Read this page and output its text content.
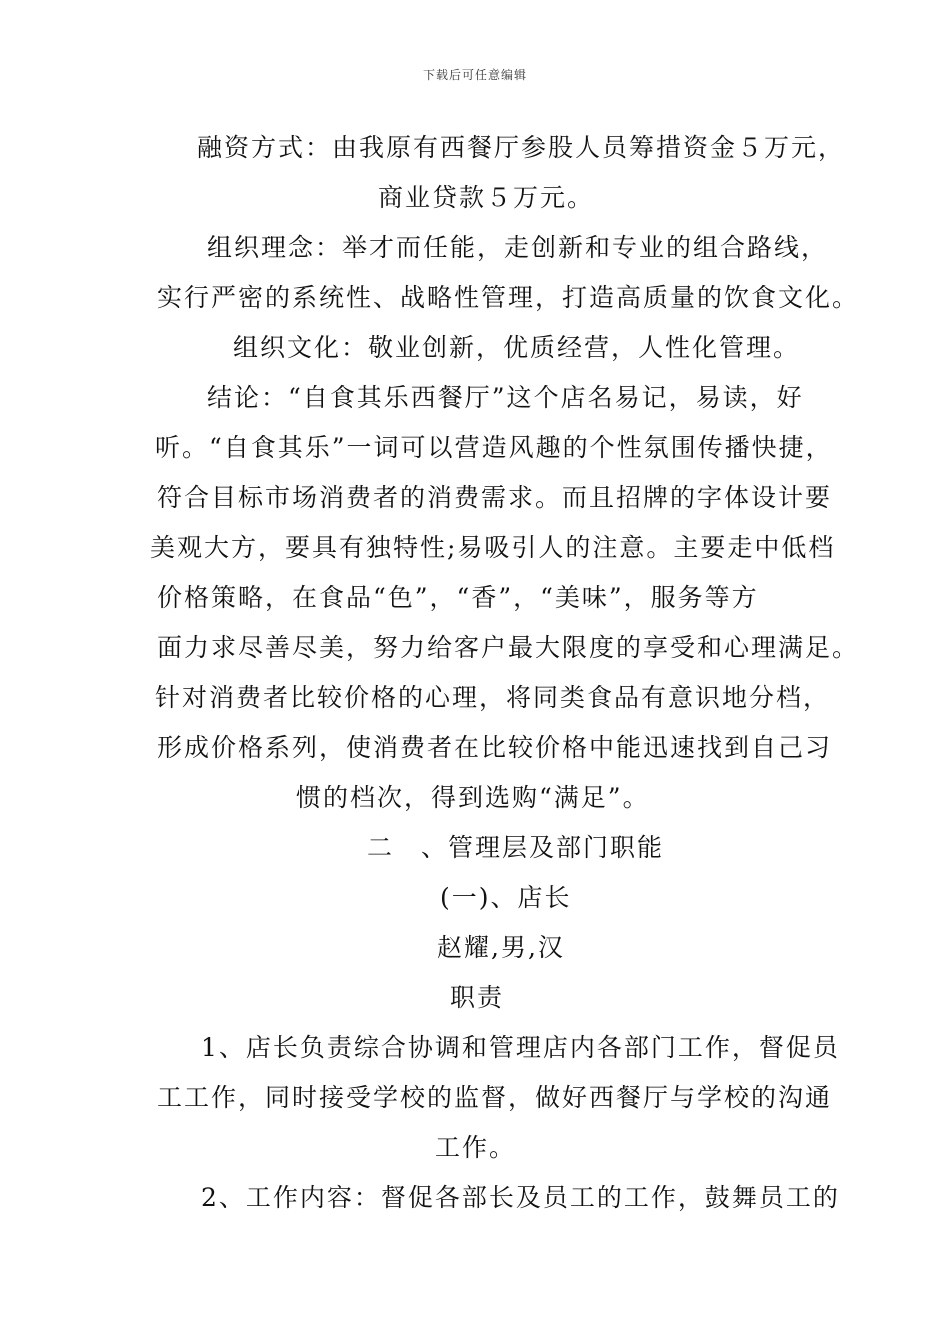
下载后可任意编辑
融资方式：由我原有西餐厅参股人员筹措资金５万元，
商业贷款５万元。
组织理念：举才而任能，走创新和专业的组合路线，
实行严密的系统性、战略性管理，打造高质量的饮食文化。
组织文化：敬业创新，优质经营，人性化管理。
结论：“自食其乐西餐厅”这个店名易记，易读，好
听。“自食其乐”一词可以营造风趣的个性氛围传播快捷，
符合目标市场消费者的消费需求。而且招牌的字体设计要
美观大方，要具有独特性;易吸引人的注意。主要走中低档
价格策略，在食品“色”，“香”，“美味”，服务等方
面力求尽善尽美，努力给客户最大限度的享受和心理满足。
针对消费者比较价格的心理，将同类食品有意识地分档，
形成价格系列，使消费者在比较价格中能迅速找到自己习
惯的档次，得到选购“满足”。
二　、管理层及部门职能
(一)、店长
赵耀,男,汉
职责
1、店长负责综合协调和管理店内各部门工作，督促员
工工作，同时接受学校的监督，做好西餐厅与学校的沟通
工作。
2、工作内容：督促各部长及员工的工作，鼓舞员工的
